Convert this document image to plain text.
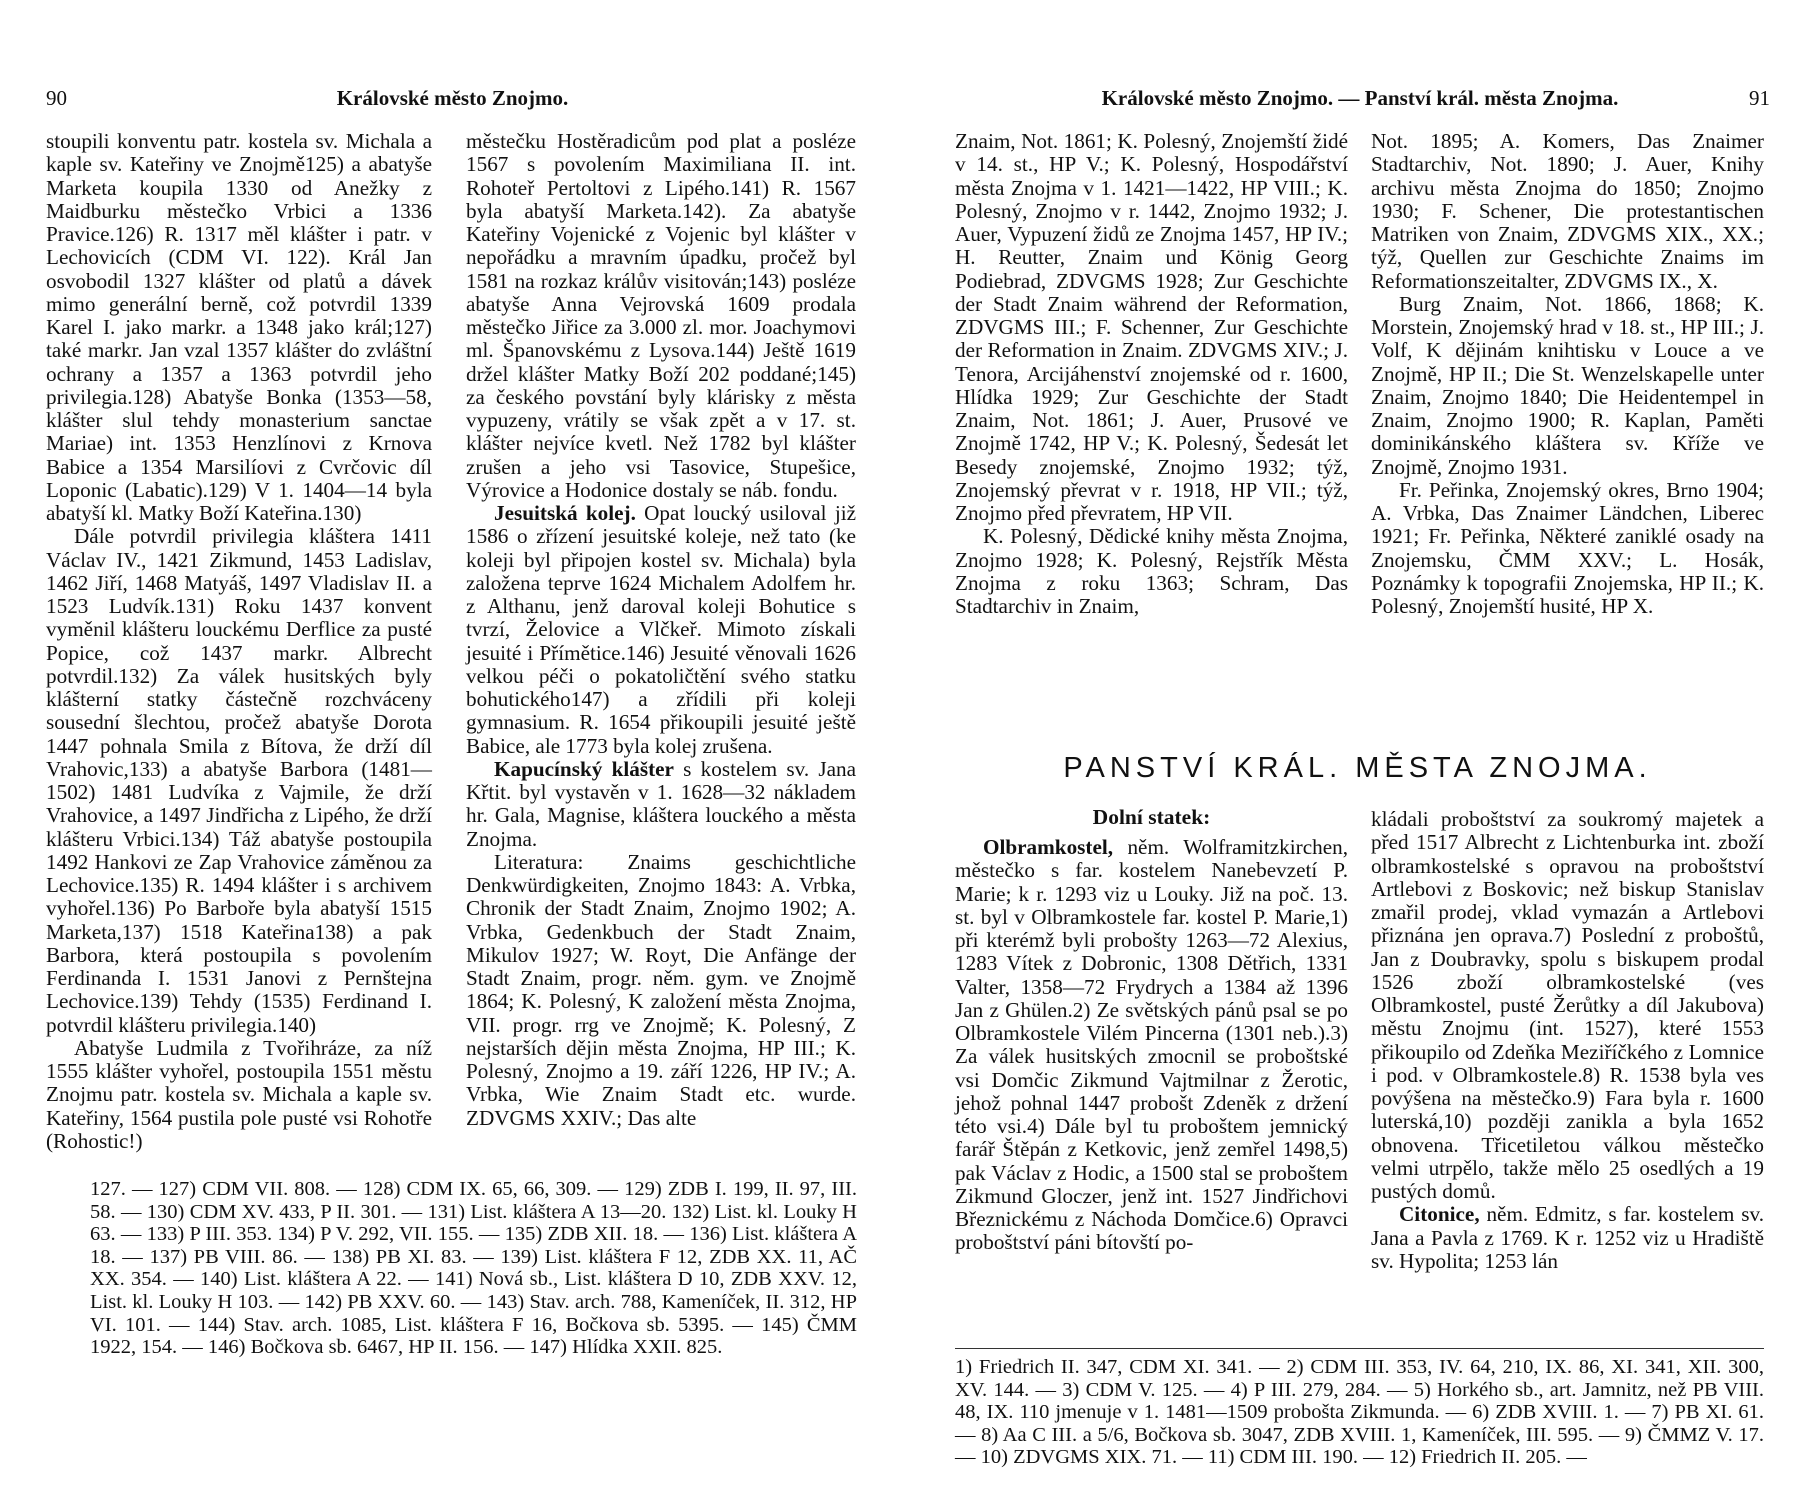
90	Královské město Znojmo.

stoupili konventu patr. kostela sv. Michala a kaple sv. Kateřiny ve Znojmě125) a abatyše Marketa koupila 1330 od Anežky z Maidburku městečko Vrbici a 1336 Pravice.126) R. 1317 měl klášter i patr. v Lechovicích (CDM VI. 122). Král Jan osvobodil 1327 klášter od platů a dávek mimo generální berně, což potvrdil 1339 Karel I. jako markr. a 1348 jako král;127) také markr. Jan vzal 1357 klášter do zvláštní ochrany a 1357 a 1363 potvrdil jeho privilegia.128) Abatyše Bonka (1353—58, klášter slul tehdy monasterium sanctae Mariae) int. 1353 Henzlínovi z Krnova Babice a 1354 Marsilíovi z Cvrčovic díl Loponic (Labatic).129) V 1. 1404—14 byla abatyší kl. Matky Boží Kateřina.130)

Dále potvrdil privilegia kláštera 1411 Václav IV., 1421 Zikmund, 1453 Ladislav, 1462 Jiří, 1468 Matyáš, 1497 Vladislav II. a 1523 Ludvík.131) Roku 1437 konvent vyměnil klášteru louckému Derflice za pusté Popice, což 1437 markr. Albrecht potvrdil.132) Za válek husitských byly klášterní statky částečně rozchváceny sousední šlechtou, pročež abatyše Dorota 1447 pohnala Smila z Bítova, že drží díl Vrahovic,133) a abatyše Barbora (1481—1502) 1481 Ludvíka z Vajmile, že drží Vrahovice, a 1497 Jindřicha z Lipého, že drží klášteru Vrbici.134) Táž abatyše postoupila 1492 Hankovi ze Zap Vrahovice záměnou za Lechovice.135) R. 1494 klášter i s archivem vyhořel.136) Po Barboře byla abatyší 1515 Marketa,137) 1518 Kateřina138) a pak Barbora, která postoupila s povolením Ferdinanda I. 1531 Janovi z Pernštejna Lechovice.139) Tehdy (1535) Ferdinand I. potvrdil klášteru privilegia.140)

Abatyše Ludmila z Tvořihráze, za níž 1555 klášter vyhořel, postoupila 1551 městu Znojmu patr. kostela sv. Michala a kaple sv. Kateřiny, 1564 pustila pole pusté vsi Rohotře (Rohostic!)

městečku Hostěradicům pod plat a posléze 1567 s povolením Maximiliana II. int. Rohoteř Pertoltovi z Lipého.141) R. 1567 byla abatyší Marketa.142). Za abatyše Kateřiny Vojenické z Vojenic byl klášter v nepořádku a mravním úpadku, pročež byl 1581 na rozkaz králův visitován;143) posléze abatyše Anna Vejrovská 1609 prodala městečko Jiřice za 3.000 zl. mor. Joachymovi ml. Španovskému z Lysova.144) Ještě 1619 držel klášter Matky Boží 202 poddané;145) za českého povstání byly klárisky z města vypuzeny, vrátily se však zpět a v 17. st. klášter nejvíce kvetl. Než 1782 byl klášter zrušen a jeho vsi Tasovice, Stupešice, Výrovice a Hodonice dostaly se náb. fondu.

Jesuitská kolej. Opat loucký usiloval již 1586 o zřízení jesuitské koleje, než tato (ke koleji byl připojen kostel sv. Michala) byla založena teprve 1624 Michalem Adolfem hr. z Althanu, jenž daroval koleji Bohutice s tvrzí, Želovice a Vlčkeř. Mimoto získali jesuité i Přímětice.146) Jesuité věnovali 1626 velkou péči o pokatoličtění svého statku bohutického147) a zřídili při koleji gymnasium. R. 1654 přikoupili jesuité ještě Babice, ale 1773 byla kolej zrušena.

Kapucínský klášter s kostelem sv. Jana Křtit. byl vystavěn v 1. 1628—32 nákladem hr. Gala, Magnise, kláštera louckého a města Znojma.

Literatura: Znaims geschichtliche Denkwürdigkeiten, Znojmo 1843: A. Vrbka, Chronik der Stadt Znaim, Znojmo 1902; A. Vrbka, Gedenkbuch der Stadt Znaim, Mikulov 1927; W. Royt, Die Anfänge der Stadt Znaim, progr. něm. gym. ve Znojmě 1864; K. Polesný, K založení města Znojma, VII. progr. rrg ve Znojmě; K. Polesný, Z nejstarších dějin města Znojma, HP III.; K. Polesný, Znojmo a 19. září 1226, HP IV.; A. Vrbka, Wie Znaim Stadt etc. wurde. ZDVGMS XXIV.; Das alte

127. — 127) CDM VII. 808. — 128) CDM IX. 65, 66, 309. — 129) ZDB I. 199, II. 97, III. 58. — 130) CDM XV. 433, P II. 301. — 131) List. kláštera A 13—20. 132) List. kl. Louky H 63. — 133) P III. 353. 134) P V. 292, VII. 155. — 135) ZDB XII. 18. — 136) List. kláštera A 18. — 137) PB VIII. 86. — 138) PB XI. 83. — 139) List. kláštera F 12, ZDB XX. 11, AČ XX. 354. — 140) List. kláštera A 22. — 141) Nová sb., List. kláštera D 10, ZDB XXV. 12, List. kl. Louky H 103. — 142) PB XXV. 60. — 143) Stav. arch. 788, Kameníček, II. 312, HP VI. 101. — 144) Stav. arch. 1085, List. kláštera F 16, Bočkova sb. 5395. — 145) ČMM 1922, 154. — 146) Bočkova sb. 6467, HP II. 156. — 147) Hlídka XXII. 825.
Královské město Znojmo. — Panství král. města Znojma.	91

Znaim, Not. 1861; K. Polesný, Znojemští židé v 14. st., HP V.; K. Polesný, Hospodářství města Znojma v 1. 1421—1422, HP VIII.; K. Polesný, Znojmo v r. 1442, Znojmo 1932; J. Auer, Vypuzení židů ze Znojma 1457, HP IV.; H. Reutter, Znaim und König Georg Podiebrad, ZDVGMS 1928; Zur Geschichte der Stadt Znaim während der Reformation, ZDVGMS III.; F. Schenner, Zur Geschichte der Reformation in Znaim. ZDVGMS XIV.; J. Tenora, Arcijáhenství znojemské od r. 1600, Hlídka 1929; Zur Geschichte der Stadt Znaim, Not. 1861; J. Auer, Prusové ve Znojmě 1742, HP V.; K. Polesný, Šedesát let Besedy znojemské, Znojmo 1932; týž, Znojemský převrat v r. 1918, HP VII.; týž, Znojmo před převratem, HP VII.

K. Polesný, Dědické knihy města Znojma, Znojmo 1928; K. Polesný, Rejstřík Města Znojma z roku 1363; Schram, Das Stadtarchiv in Znaim,

Not. 1895; A. Komers, Das Znaimer Stadtarchiv, Not. 1890; J. Auer, Knihy archivu města Znojma do 1850; Znojmo 1930; F. Schener, Die protestantischen Matriken von Znaim, ZDVGMS XIX., XX.; týž, Quellen zur Geschichte Znaims im Reformationszeitalter, ZDVGMS IX., X.

Burg Znaim, Not. 1866, 1868; K. Morstein, Znojemský hrad v 18. st., HP III.; J. Volf, K dějinám knihtisku v Louce a ve Znojmě, HP II.; Die St. Wenzelskapelle unter Znaim, Znojmo 1840; Die Heidentempel in Znaim, Znojmo 1900; R. Kaplan, Paměti dominikánského kláštera sv. Kříže ve Znojmě, Znojmo 1931.

Fr. Peřinka, Znojemský okres, Brno 1904; A. Vrbka, Das Znaimer Ländchen, Liberec 1921; Fr. Peřinka, Některé zaniklé osady na Znojemsku, ČMM XXV.; L. Hosák, Poznámky k topografii Znojemska, HP II.; K. Polesný, Znojemští husité, HP X.

PANSTVÍ KRÁL. MĚSTA ZNOJMA.
Dolní statek:

Olbramkostel, něm. Wolframitzkirchen, městečko s far. kostelem Nanebevzetí P. Marie; k r. 1293 viz u Louky. Již na poč. 13. st. byl v Olbramkostele far. kostel P. Marie,1) při kterémž byli probošty 1263—72 Alexius, 1283 Vítek z Dobronic, 1308 Dětřich, 1331 Valter, 1358—72 Frydrych a 1384 až 1396 Jan z Ghülen.2) Ze světských pánů psal se po Olbramkostele Vilém Pincerna (1301 neb.).3) Za válek husitských zmocnil se proboštské vsi Domčic Zikmund Vajtmilnar z Žerotic, jehož pohnal 1447 probošt Zdeněk z držení této vsi.4) Dále byl tu proboštem jemnický farář Štěpán z Ketkovic, jenž zemřel 1498,5) pak Václav z Hodic, a 1500 stal se proboštem Zikmund Gloczer, jenž int. 1527 Jindřichovi Březnickému z Náchoda Domčice.6) Opravci proboštství páni bítovští po-

kládali proboštství za soukromý majetek a před 1517 Albrecht z Lichtenburka int. zboží olbramkostelské s opravou na proboštství Artlebovi z Boskovic; než biskup Stanislav zmařil prodej, vklad vymazán a Artlebovi přiznána jen oprava.7) Poslední z proboštů, Jan z Doubravky, spolu s biskupem prodal 1526 zboží olbramkostelské (ves Olbramkostel, pusté Žerůtky a díl Jakubova) městu Znojmu (int. 1527), které 1553 přikoupilo od Zdeňka Meziříčkého z Lomnice i pod. v Olbramkostele.8) R. 1538 byla ves povýšena na městečko.9) Fara byla r. 1600 luterská,10) později zanikla a byla 1652 obnovena. Třicetiletou válkou městečko velmi utrpělo, takže mělo 25 osedlých a 19 pustých domů.

Citonice, něm. Edmitz, s far. kostelem sv. Jana a Pavla z 1769. K r. 1252 viz u Hradiště sv. Hypolita; 1253 lán

1) Friedrich II. 347, CDM XI. 341. — 2) CDM III. 353, IV. 64, 210, IX. 86, XI. 341, XII. 300, XV. 144. — 3) CDM V. 125. — 4) P III. 279, 284. — 5) Horkého sb., art. Jamnitz, než PB VIII. 48, IX. 110 jmenuje v 1. 1481—1509 probošta Zikmunda. — 6) ZDB XVIII. 1. — 7) PB XI. 61. — 8) Aa C III. a 5/6, Bočkova sb. 3047, ZDB XVIII. 1, Kameníček, III. 595. — 9) ČMMZ V. 17. — 10) ZDVGMS XIX. 71. — 11) CDM III. 190. — 12) Friedrich II. 205. —
